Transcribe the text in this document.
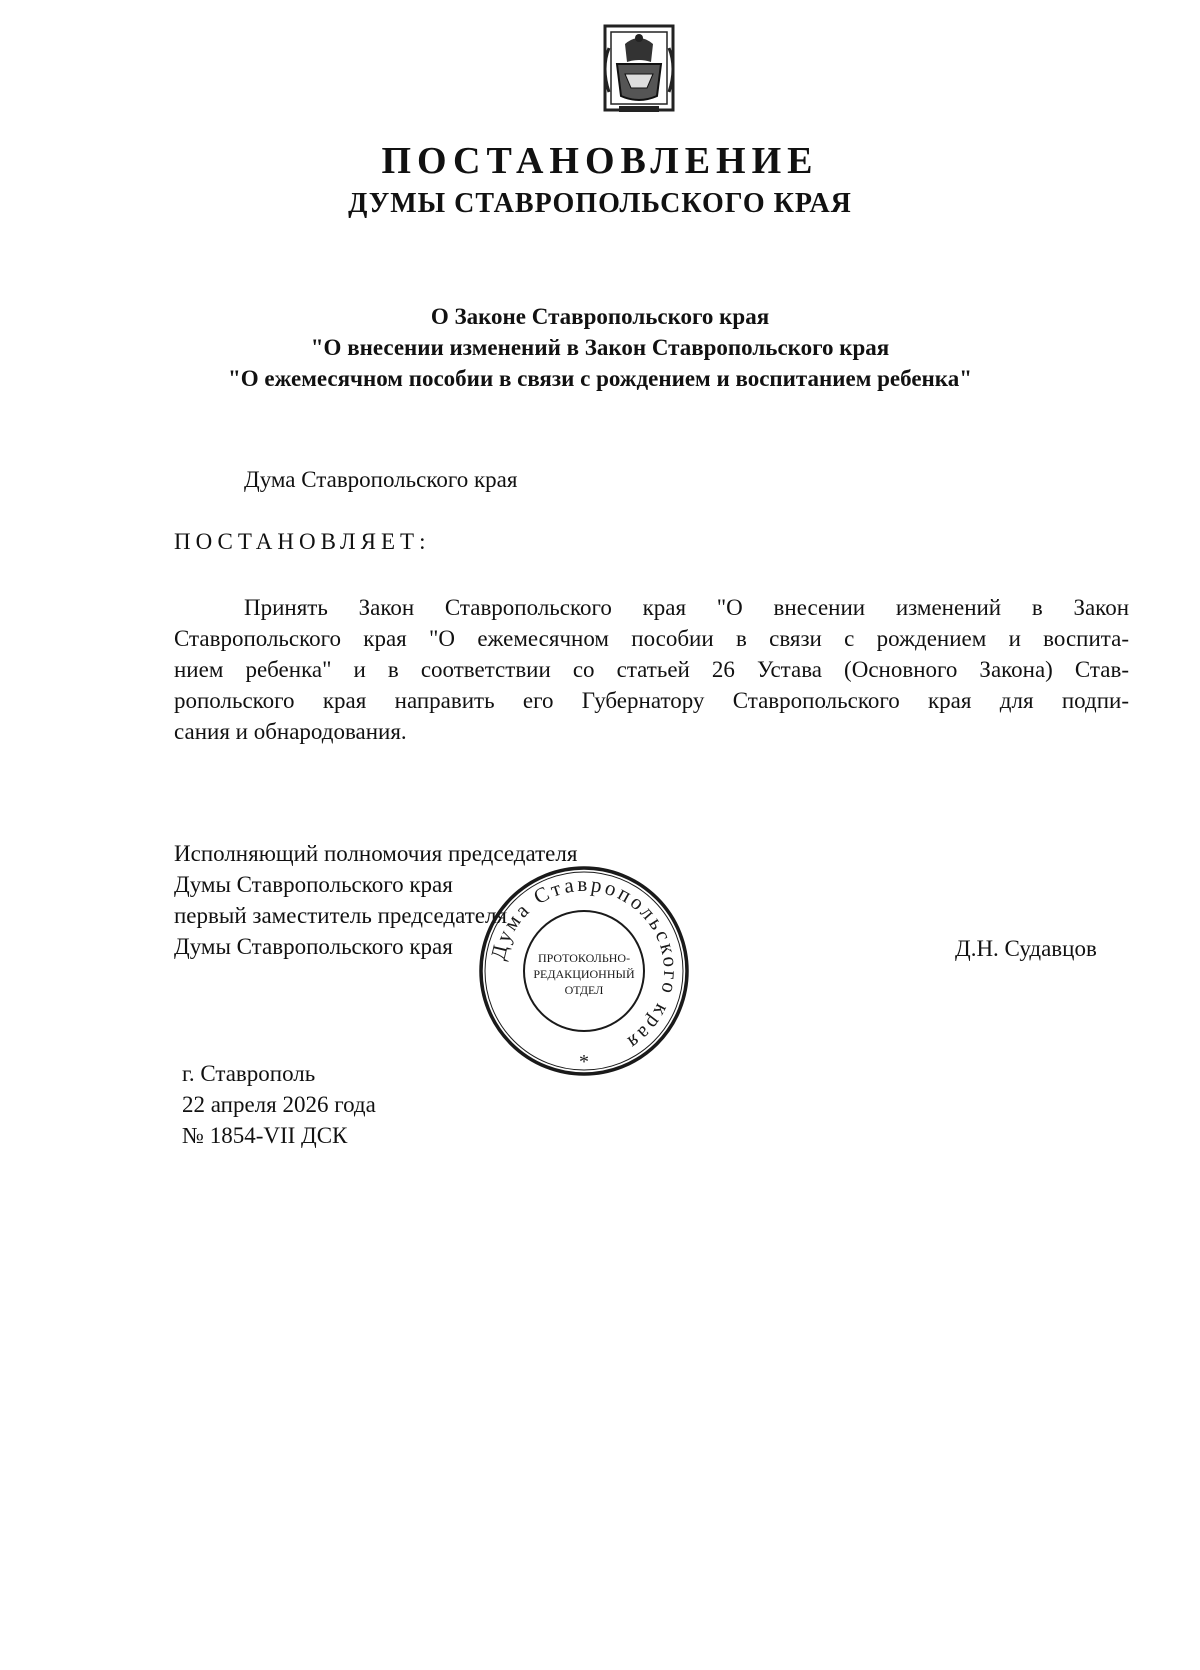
ПОСТАНОВЛЕНИЕ
ДУМЫ СТАВРОПОЛЬСКОГО КРАЯ
О Законе Ставропольского края
"О внесении изменений в Закон Ставропольского края
"О ежемесячном пособии в связи с рождением и воспитанием ребенка"
Дума Ставропольского края
ПОСТАНОВЛЯЕТ:
Принять Закон Ставропольского края "О внесении изменений в Закон
Ставропольского края "О ежемесячном пособии в связи с рождением и воспита-
нием ребенка" и в соответствии со статьей 26 Устава (Основного Закона) Став-
ропольского края направить его Губернатору Ставропольского края для подпи-
сания и обнародования.
Исполняющий полномочия председателя
Думы Ставропольского края
первый заместитель председателя
Думы Ставропольского края	Д.Н. Судавцов
г. Ставрополь
22 апреля 2026 года
№ 1854-VII ДСК
Дума Ставропольского края
ПРОТОКОЛЬНО-
РЕДАКЦИОННЫЙ
ОТДЕЛ
*
